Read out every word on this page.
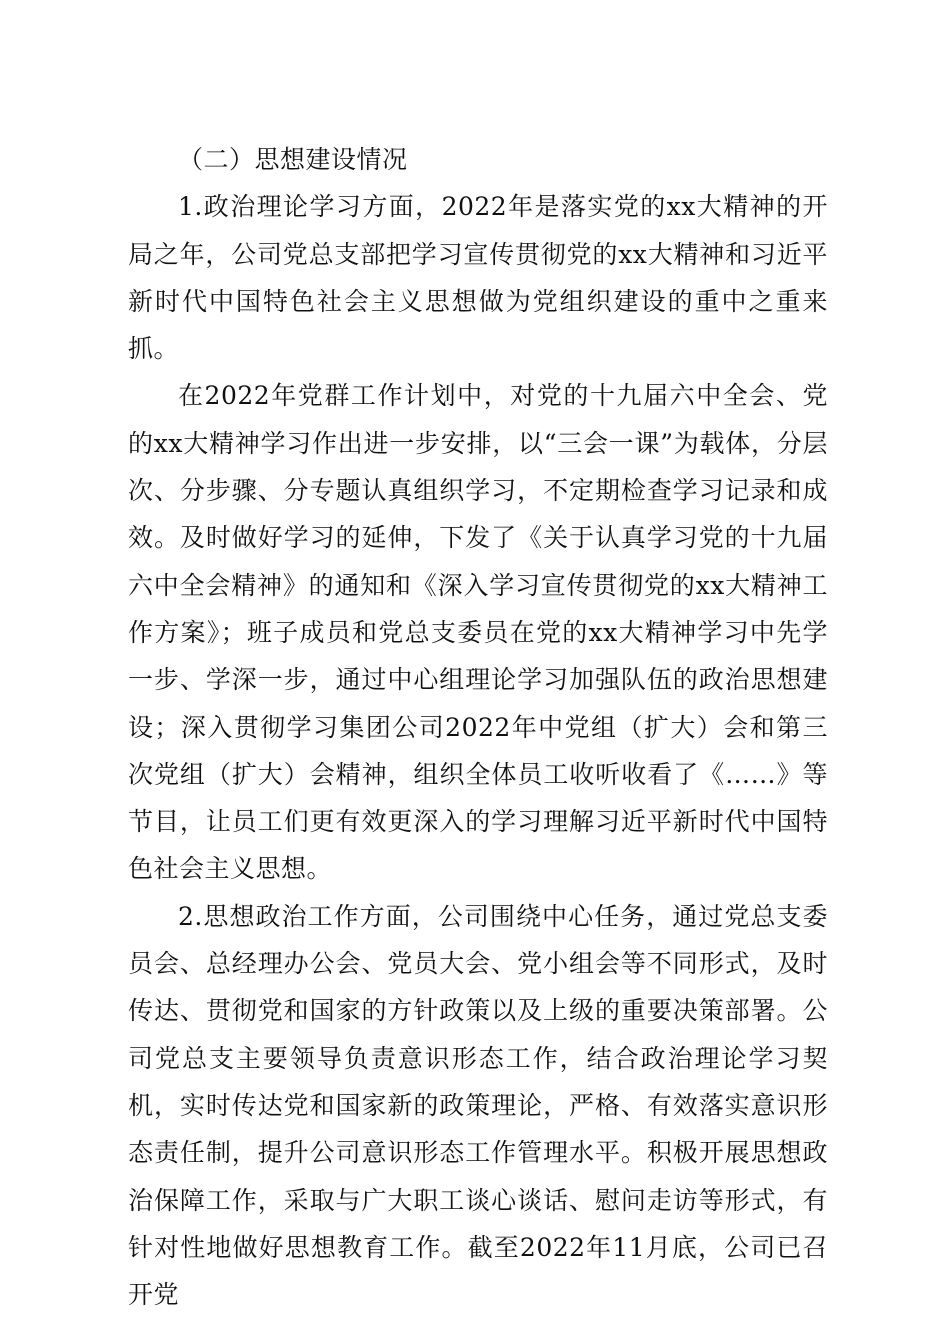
（二）思想建设情况

1.政治理论学习方面，2022年是落实党的xx大精神的开局之年，公司党总支部把学习宣传贯彻党的xx大精神和习近平新时代中国特色社会主义思想做为党组织建设的重中之重来抓。

在2022年党群工作计划中，对党的十九届六中全会、党的xx大精神学习作出进一步安排，以“三会一课”为载体，分层次、分步骤、分专题认真组织学习，不定期检查学习记录和成效。及时做好学习的延伸，下发了《关于认真学习党的十九届六中全会精神》的通知和《深入学习宣传贯彻党的xx大精神工作方案》；班子成员和党总支委员在党的xx大精神学习中先学一步、学深一步，通过中心组理论学习加强队伍的政治思想建设；深入贯彻学习集团公司2022年中党组（扩大）会和第三次党组（扩大）会精神，组织全体员工收听收看了《……》等节目，让员工们更有效更深入的学习理解习近平新时代中国特色社会主义思想。

2.思想政治工作方面，公司围绕中心任务，通过党总支委员会、总经理办公会、党员大会、党小组会等不同形式，及时传达、贯彻党和国家的方针政策以及上级的重要决策部署。公司党总支主要领导负责意识形态工作，结合政治理论学习契机，实时传达党和国家新的政策理论，严格、有效落实意识形态责任制，提升公司意识形态工作管理水平。积极开展思想政治保障工作，采取与广大职工谈心谈话、慰问走访等形式，有针对性地做好思想教育工作。截至2022年11月底，公司已召开党
